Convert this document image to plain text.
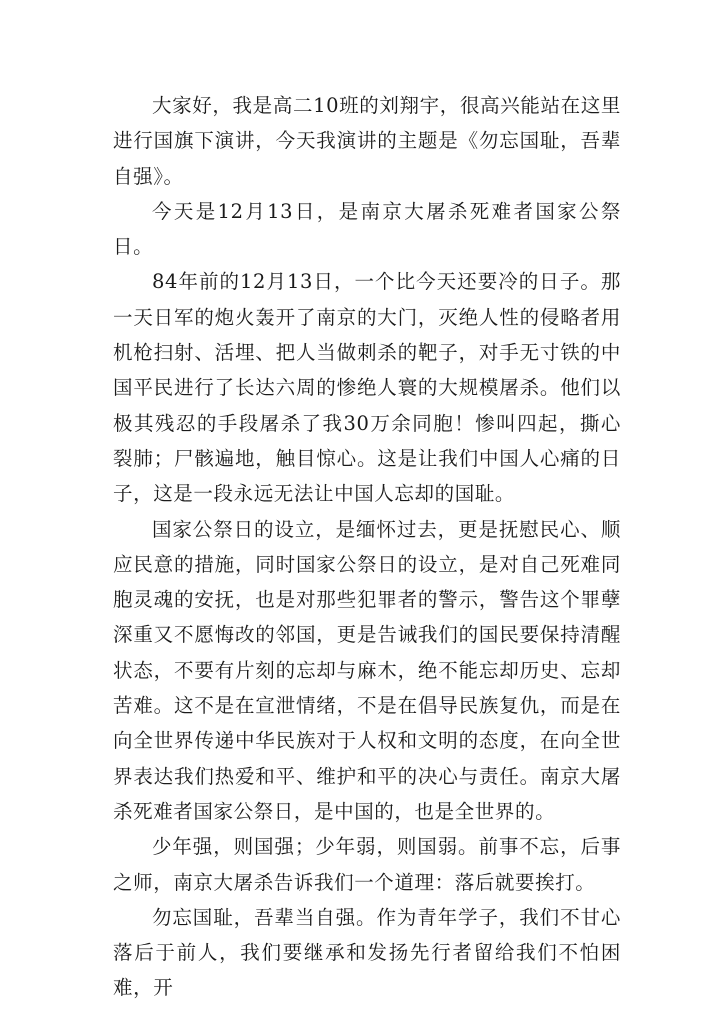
大家好，我是高二10班的刘翔宇，很高兴能站在这里进行国旗下演讲，今天我演讲的主题是《勿忘国耻，吾辈自强》。

今天是12月13日，是南京大屠杀死难者国家公祭日。

84年前的12月13日，一个比今天还要冷的日子。那一天日军的炮火轰开了南京的大门，灭绝人性的侵略者用机枪扫射、活埋、把人当做刺杀的靶子，对手无寸铁的中国平民进行了长达六周的惨绝人寰的大规模屠杀。他们以极其残忍的手段屠杀了我30万余同胞！惨叫四起，撕心裂肺；尸骸遍地，触目惊心。这是让我们中国人心痛的日子，这是一段永远无法让中国人忘却的国耻。

国家公祭日的设立，是缅怀过去，更是抚慰民心、顺应民意的措施，同时国家公祭日的设立，是对自己死难同胞灵魂的安抚，也是对那些犯罪者的警示，警告这个罪孽深重又不愿悔改的邻国，更是告诫我们的国民要保持清醒状态，不要有片刻的忘却与麻木，绝不能忘却历史、忘却苦难。这不是在宣泄情绪，不是在倡导民族复仇，而是在向全世界传递中华民族对于人权和文明的态度，在向全世界表达我们热爱和平、维护和平的决心与责任。南京大屠杀死难者国家公祭日，是中国的，也是全世界的。

少年强，则国强；少年弱，则国弱。前事不忘，后事之师，南京大屠杀告诉我们一个道理：落后就要挨打。

勿忘国耻，吾辈当自强。作为青年学子，我们不甘心落后于前人，我们要继承和发扬先行者留给我们不怕困难，开
